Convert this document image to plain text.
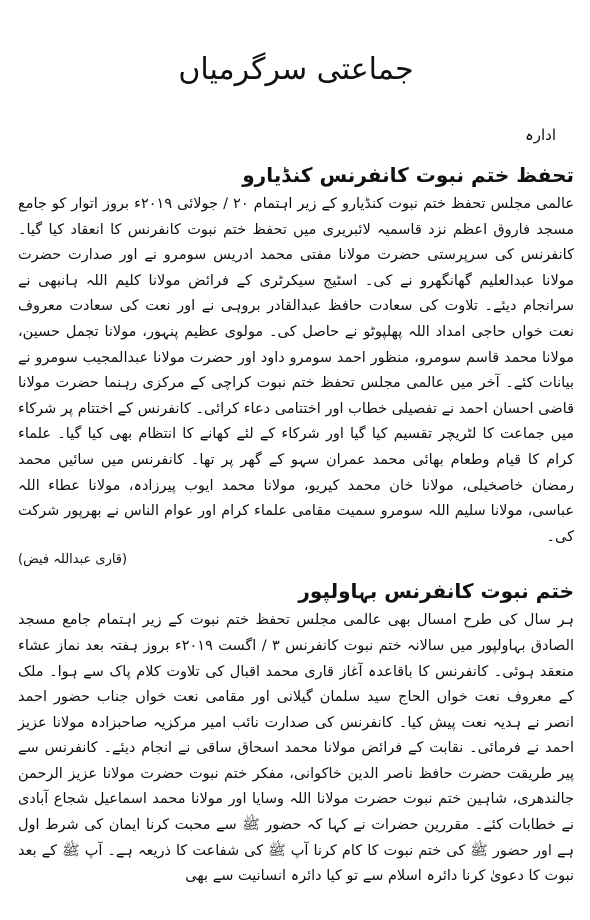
جماعتی سرگرمیاں
ادارہ
تحفظ ختم نبوت کانفرنس کنڈیارو

عالمی مجلس تحفظ ختم نبوت کنڈیارو کے زیر اہتمام ۲۰ / جولائی ۲۰۱۹ء بروز اتوار کو جامع مسجد فاروق اعظم نزد قاسمیہ لائبریری میں تحفظ ختم نبوت کانفرنس کا انعقاد کیا گیا۔ کانفرنس کی سرپرستی حضرت مولانا مفتی محمد ادریس سومرو نے اور صدارت حضرت مولانا عبدالعلیم گھانگھرو نے کی۔ اسٹیج سیکرٹری کے فرائض مولانا کلیم اللہ ہانبھی نے سرانجام دیئے۔ تلاوت کی سعادت حافظ عبدالقادر بروہی نے اور نعت کی سعادت معروف نعت خواں حاجی امداد اللہ پھلپوٹو نے حاصل کی۔ مولوی عظیم پنہور، مولانا تجمل حسین، مولانا محمد قاسم سومرو، منظور احمد سومرو داود اور حضرت مولانا عبدالمجیب سومرو نے بیانات کئے۔ آخر میں عالمی مجلس تحفظ ختم نبوت کراچی کے مرکزی رہنما حضرت مولانا قاضی احسان احمد نے تفصیلی خطاب اور اختتامی دعاء کرائی۔ کانفرنس کے اختتام پر شرکاء میں جماعت کا لٹریچر تقسیم کیا گیا اور شرکاء کے لئے کھانے کا انتظام بھی کیا گیا۔ علماء کرام کا قیام وطعام بھائی محمد عمران سہو کے گھر پر تھا۔ کانفرنس میں سائیں محمد رمضان خاصخیلی، مولانا خان محمد کیریو، مولانا محمد ایوب پیرزادہ، مولانا عطاء اللہ عباسی، مولانا سلیم اللہ سومرو سمیت مقامی علماء کرام اور عوام الناس نے بھرپور شرکت کی۔

(قاری عبداللہ فیض)
ختم نبوت کانفرنس بہاولپور

ہر سال کی طرح امسال بھی عالمی مجلس تحفظ ختم نبوت کے زیر اہتمام جامع مسجد الصادق بہاولپور میں سالانہ ختم نبوت کانفرنس ۳ / اگست ۲۰۱۹ء بروز ہفتہ بعد نماز عشاء منعقد ہوئی۔ کانفرنس کا باقاعدہ آغاز قاری محمد اقبال کی تلاوت کلام پاک سے ہوا۔ ملک کے معروف نعت خواں الحاج سید سلمان گیلانی اور مقامی نعت خواں جناب حضور احمد انصر نے ہدیہ نعت پیش کیا۔ کانفرنس کی صدارت نائب امیر مرکزیہ صاحبزادہ مولانا عزیز احمد نے فرمائی۔ نقابت کے فرائض مولانا محمد اسحاق ساقی نے انجام دیئے۔ کانفرنس سے پیر طریقت حضرت حافظ ناصر الدین خاکوانی، مفکر ختم نبوت حضرت مولانا عزیز الرحمن جالندھری، شاہین ختم نبوت حضرت مولانا اللہ وسایا اور مولانا محمد اسماعیل شجاع آبادی نے خطابات کئے۔ مقررین حضرات نے کہا کہ حضور ﷺ سے محبت کرنا ایمان کی شرط اول ہے اور حضور ﷺ کی ختم نبوت کا کام کرنا آپ ﷺ کی شفاعت کا ذریعہ ہے۔ آپ ﷺ کے بعد نبوت کا دعویٰ کرنا دائرہ اسلام سے تو کیا دائرہ انسانیت سے بھی
